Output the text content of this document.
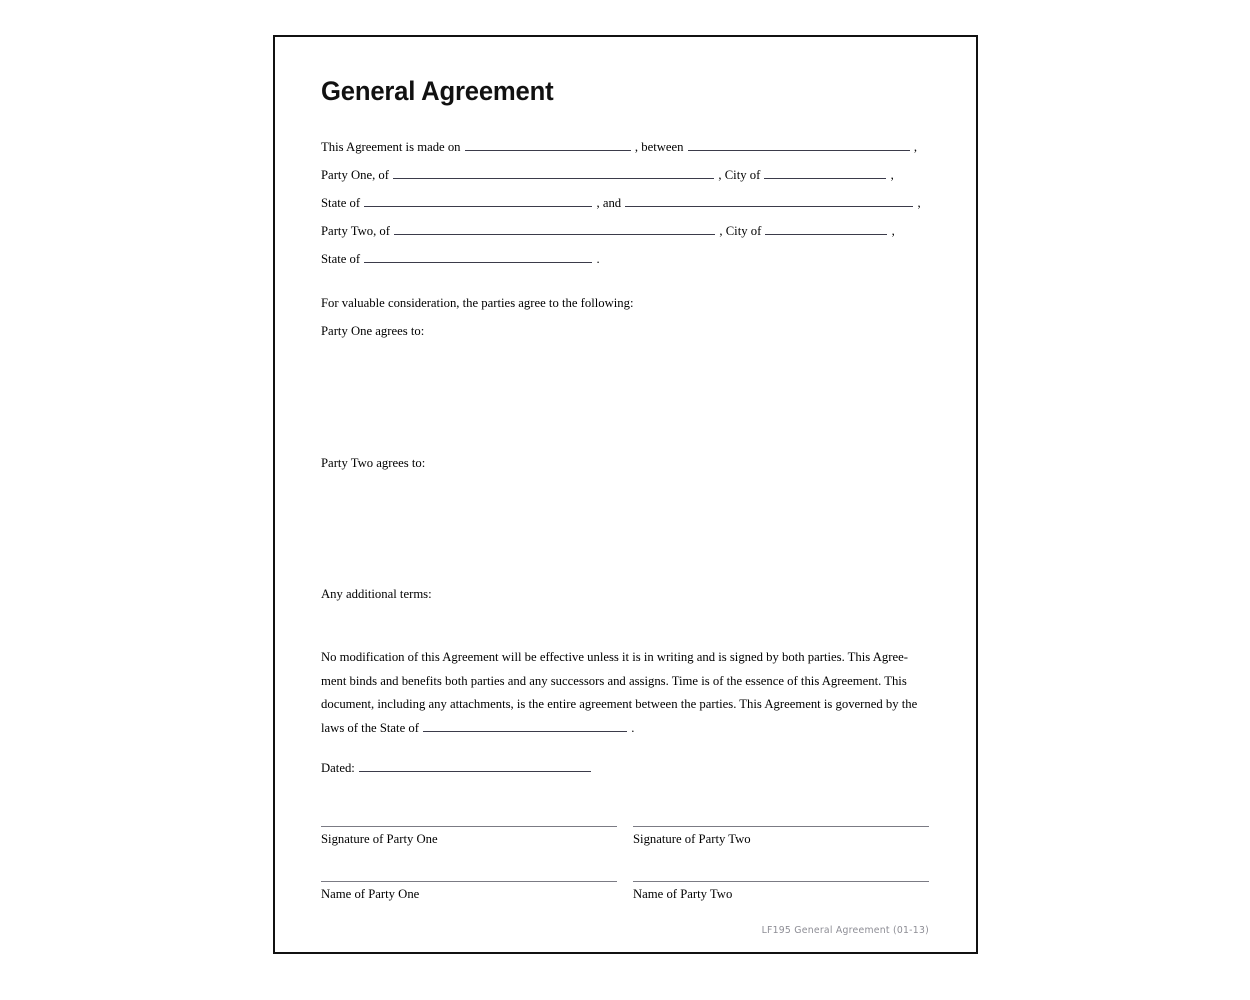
General Agreement
This Agreement is made on	, between	,
Party One, of	, City of	,
State of	, and	,
Party Two, of	, City of	,
State of	.
For valuable consideration, the parties agree to the following:
Party One agrees to:
Party Two agrees to:
Any additional terms:
No modification of this Agreement will be effective unless it is in writing and is signed by both parties. This Agree-
ment binds and benefits both parties and any successors and assigns. Time is of the essence of this Agreement. This
document, including any attachments, is the entire agreement between the parties. This Agreement is governed by the
laws of the State of	.
Dated:
Signature of Party One	Signature of Party Two
Name of Party One	Name of Party Two
LF195 General Agreement (01-13)
